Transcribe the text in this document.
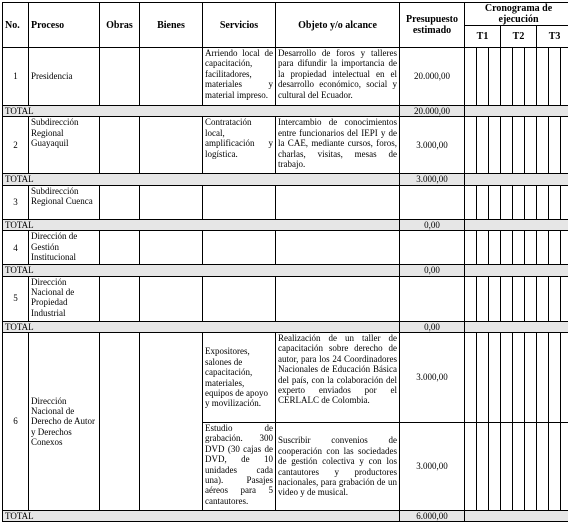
No.	Proceso	Obras	Bienes	Servicios	Objeto y/o alcance	Presupuesto estimado	Cronograma de ejecución								
							T1			T2			T3		
1	Presidencia			Arriendo local de capacitación, facilitadores, materiales y material impreso.	Desarrollo de foros y talleres para difundir la importancia de la propiedad intelectual en el desarrollo económico, social y cultural del Ecuador.	20.000,00									
TOTAL						20.000,00									
2	Subdirección Regional Guayaquil			Contratación local, amplificación y logística.	Intercambio de conocimientos entre funcionarios del IEPI y de la CAE, mediante cursos, foros, charlas, visitas, mesas de trabajo.	3.000,00									
TOTAL						3.000,00									
3	Subdirección Regional Cuenca														
TOTAL						0,00									
4	Dirección de Gestión Institucional														
TOTAL						0,00									
5	Dirección Nacional de Propiedad Industrial														
TOTAL						0,00									
6	Dirección Nacional de Derecho de Autor y Derechos Conexos			Expositores, salones de capacitación, materiales, equipos de apoyo y movilización.	Realización de un taller de capacitación sobre derecho de autor, para los 24 Coordinadores Nacionales de Educación Básica del país, con la colaboración del experto enviados por el CERLALC de Colombia.	3.000,00									
				Estudio de grabación. 300 DVD (30 cajas de DVD, de 10 unidades cada una). Pasajes aéreos para 5 cantautores.	Suscribir convenios de cooperación con las sociedades de gestión colectiva y con los cantautores y productores nacionales, para grabación de un video y de musical.	3.000,00									
TOTAL						6.000,00									
